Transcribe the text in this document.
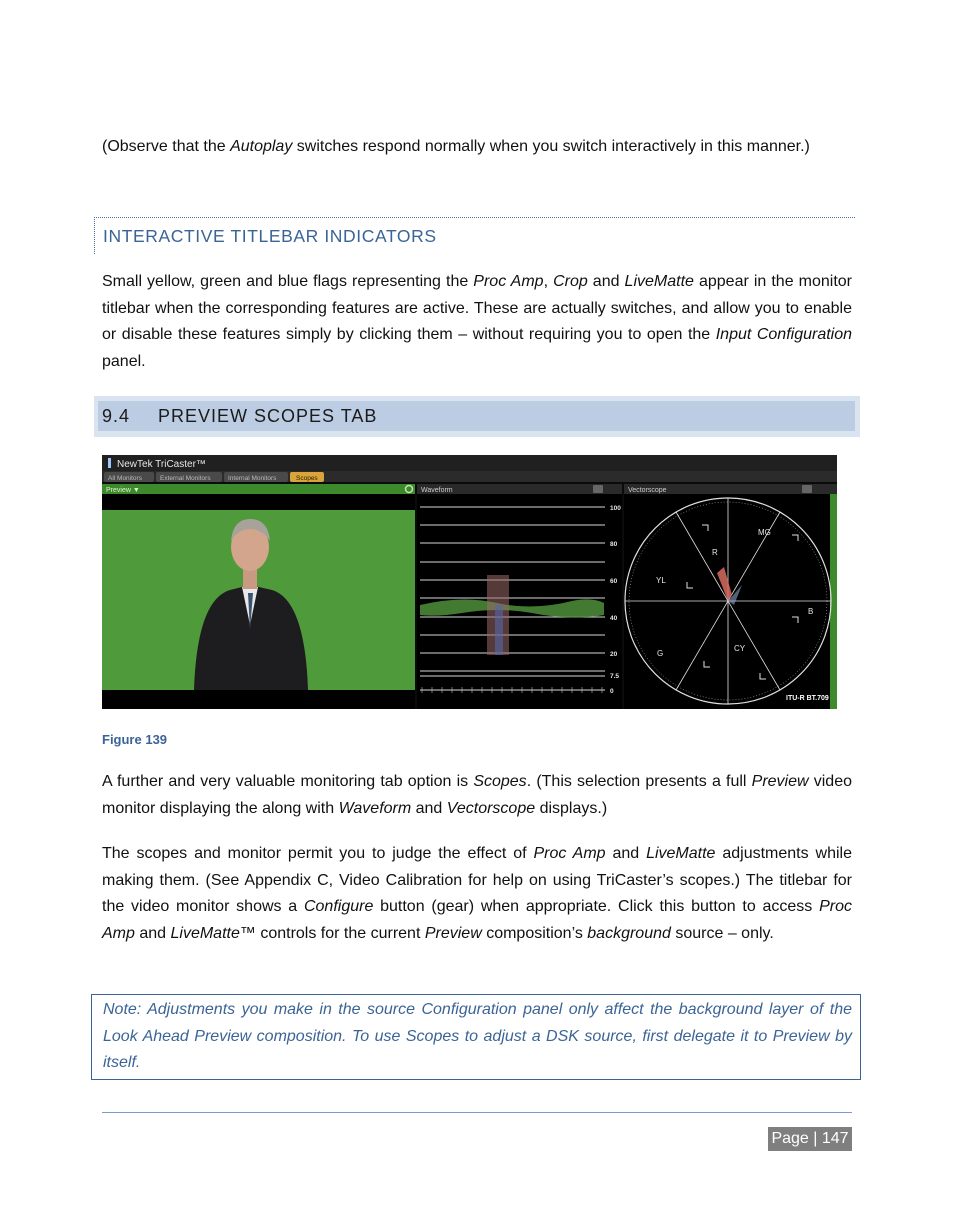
(Observe that the Autoplay switches respond normally when you switch interactively in this manner.)
INTERACTIVE TITLEBAR INDICATORS
Small yellow, green and blue flags representing the Proc Amp, Crop and LiveMatte appear in the monitor titlebar when the corresponding features are active. These are actually switches, and allow you to enable or disable these features simply by clicking them – without requiring you to open the Input Configuration panel.
9.4 PREVIEW SCOPES TAB
NewTek TriCaster™
All Monitors	External Monitors	Internal Monitors	Scopes
Preview ▼	Waveform
100
80
60
40
20
7.5
0
Vectorscope
R
MG
B
CY
G
YL
ITU-R BT.709
Figure 139
A further and very valuable monitoring tab option is Scopes. (This selection presents a full Preview video monitor displaying the along with Waveform and Vectorscope displays.)
The scopes and monitor permit you to judge the effect of Proc Amp and LiveMatte adjustments while making them. (See Appendix C, Video Calibration for help on using TriCaster’s scopes.) The titlebar for the video monitor shows a Configure button (gear) when appropriate. Click this button to access Proc Amp and LiveMatte™ controls for the current Preview composition’s background source – only.
Note: Adjustments you make in the source Configuration panel only affect the background layer of the Look Ahead Preview composition. To use Scopes to adjust a DSK source, first delegate it to Preview by itself.
Page | 147
